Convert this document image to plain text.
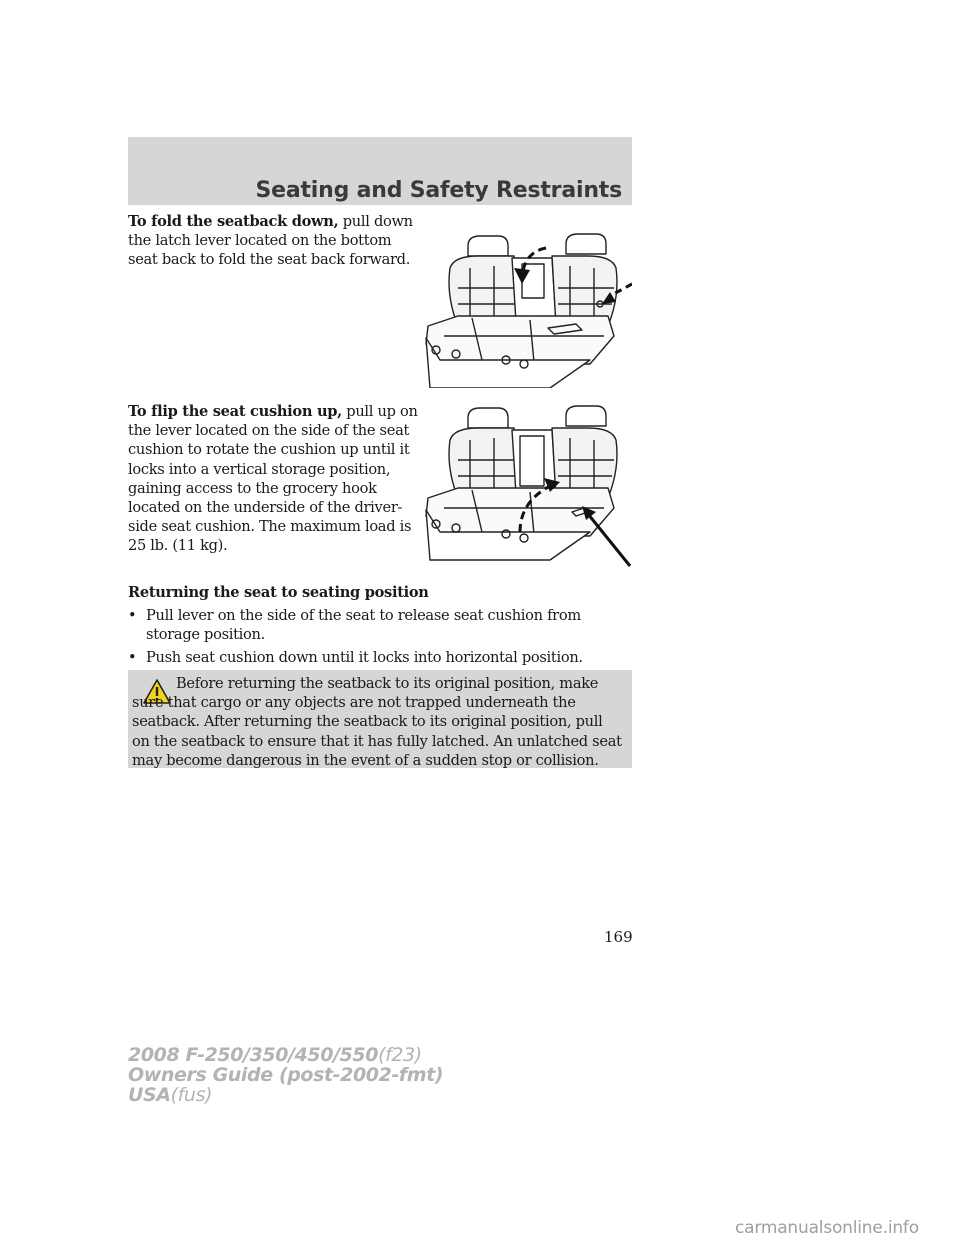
Seating and Safety Restraints
To fold the seatback down, pull down the latch lever located on the bottom seat back to fold the seat back forward.
To flip the seat cushion up, pull up on the lever located on the side of the seat cushion to rotate the cushion up until it locks into a vertical storage position, gaining access to the grocery hook located on the underside of the driver-side seat cushion. The maximum load is 25 lb. (11 kg).
Returning the seat to seating position
• Pull lever on the side of the seat to release seat cushion from storage position.
• Push seat cushion down until it locks into horizontal position.
Before returning the seatback to its original position, make sure that cargo or any objects are not trapped underneath the seatback. After returning the seatback to its original position, pull on the seatback to ensure that it has fully latched. An unlatched seat may become dangerous in the event of a sudden stop or collision.
169
2008 F-250/350/450/550(f23)
Owners Guide (post-2002-fmt)
USA(fus)
carmanualsonline.info
